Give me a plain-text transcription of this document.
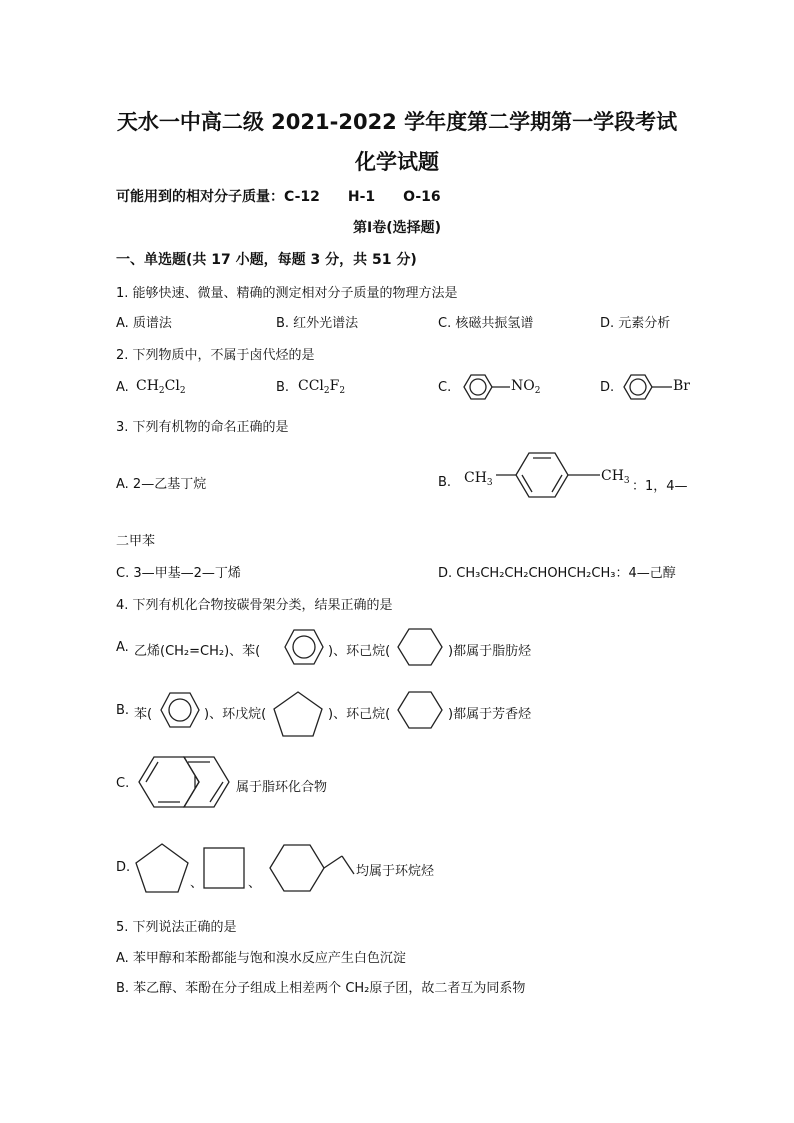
天水一中高二级 2021-2022 学年度第二学期第一学段考试
化学试题
可能用到的相对分子质量：C-12　　H-1　　O-16
第Ⅰ卷(选择题)
一、单选题(共 17 小题，每题 3 分，共 51 分)
1. 能够快速、微量、精确的测定相对分子质量的物理方法是
A. 质谱法	B. 红外光谱法	C. 核磁共振氢谱	D. 元素分析
2. 下列物质中，不属于卤代烃的是
A. $CH_2Cl_2$	B. $CCl_2F_2$	C.	$NO_2$	D.	Br
3. 下列有机物的命名正确的是
A. 2—乙基丁烷	B. $CH_3$	$CH_3$ ：1，4—
二甲苯
C. 3—甲基—2—丁烯	D. CH₃CH₂CH₂CHOHCH₂CH₃：4—己醇
4. 下列有机化合物按碳骨架分类，结果正确的是
A. 乙烯(CH₂=CH₂)、苯(	)、环己烷(	)都属于脂肪烃
B. 苯(	)、环戊烷(	)、环己烷(	)都属于芳香烃
C.	属于脂环化合物
D.
、	、
均属于环烷烃
5. 下列说法正确的是
A. 苯甲醇和苯酚都能与饱和溴水反应产生白色沉淀
B. 苯乙醇、苯酚在分子组成上相差两个 CH₂原子团，故二者互为同系物
